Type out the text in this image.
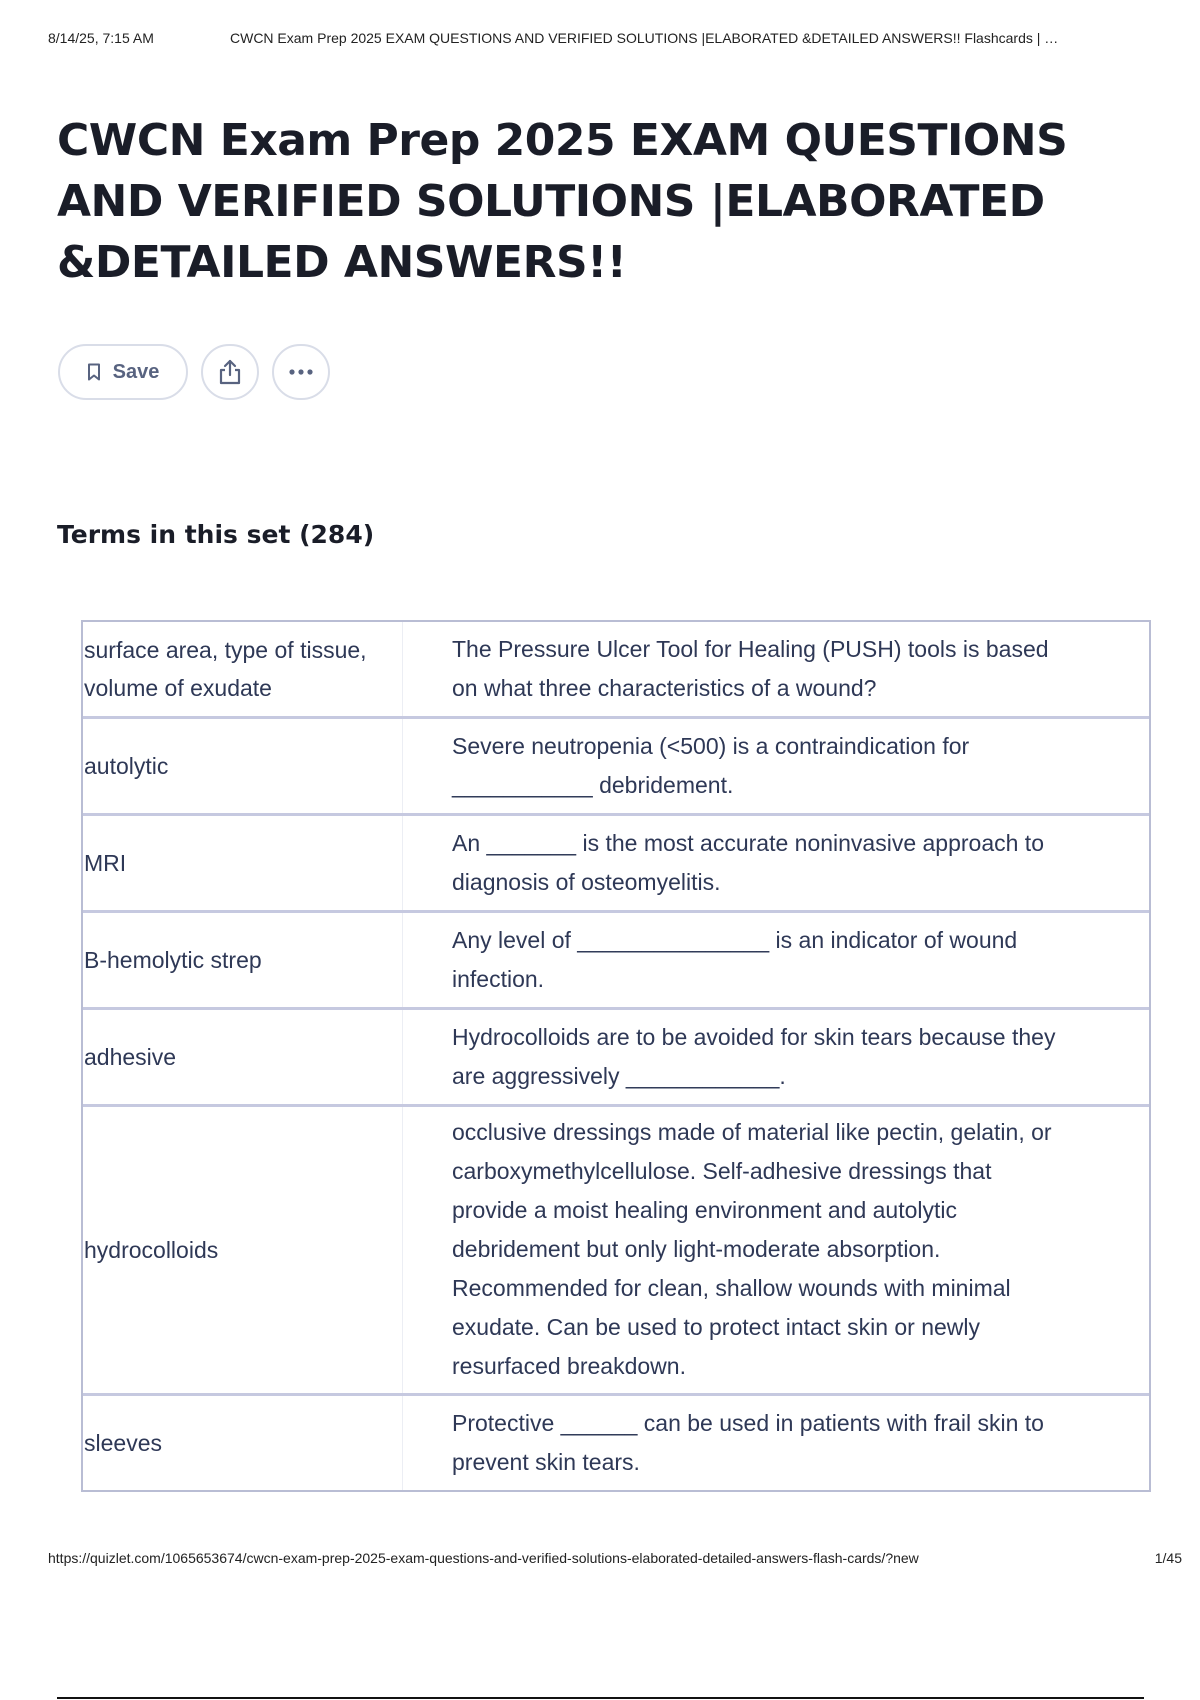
8/14/25, 7:15 AM	CWCN Exam Prep 2025 EXAM QUESTIONS AND VERIFIED SOLUTIONS |ELABORATED &DETAILED ANSWERS!! Flashcards | …
CWCN Exam Prep 2025 EXAM QUESTIONS AND VERIFIED SOLUTIONS |ELABORATED &DETAILED ANSWERS!!
Save
Terms in this set (284)
surface area, type of tissue, volume of exudate
The Pressure Ulcer Tool for Healing (PUSH) tools is based on what three characteristics of a wound?
autolytic
Severe neutropenia (<500) is a contraindication for ___________ debridement.
MRI
An _______ is the most accurate noninvasive approach to diagnosis of osteomyelitis.
B-hemolytic strep
Any level of _______________ is an indicator of wound infection.
adhesive
Hydrocolloids are to be avoided for skin tears because they are aggressively ____________.
hydrocolloids
occlusive dressings made of material like pectin, gelatin, or carboxymethylcellulose. Self-adhesive dressings that provide a moist healing environment and autolytic debridement but only light-moderate absorption. Recommended for clean, shallow wounds with minimal exudate. Can be used to protect intact skin or newly resurfaced breakdown.
sleeves
Protective ______ can be used in patients with frail skin to prevent skin tears.
https://quizlet.com/1065653674/cwcn-exam-prep-2025-exam-questions-and-verified-solutions-elaborated-detailed-answers-flash-cards/?new	1/45
